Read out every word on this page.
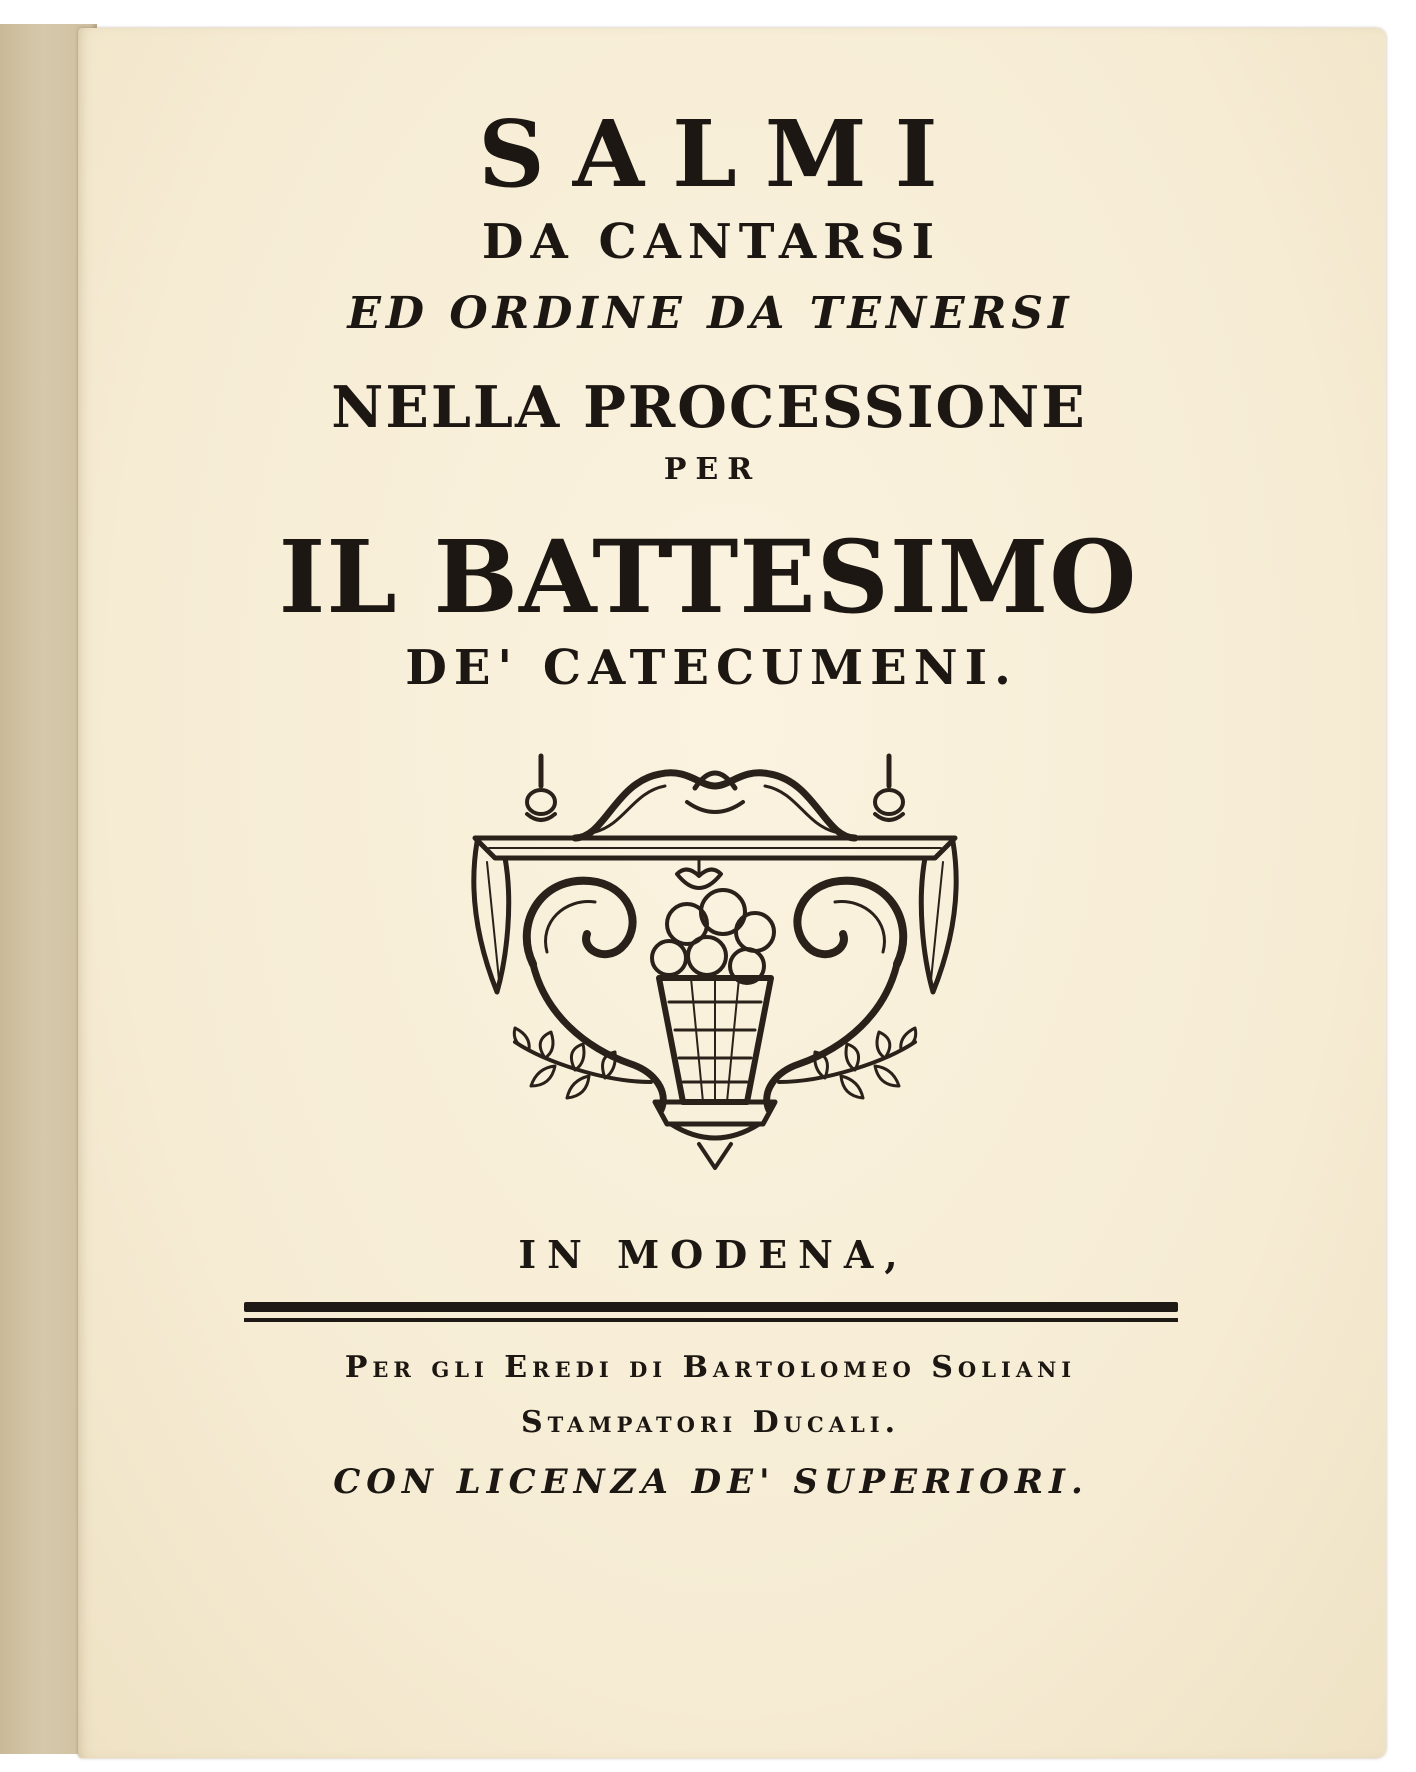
SALMI
DA CANTARSI
ED ORDINE DA TENERSI
NELLA PROCESSIONE
PER
IL BATTESIMO
DE' CATECUMENI.
IN MODENA,
Per gli Eredi di Bartolomeo Soliani
Stampatori Ducali.
CON LICENZA DE' SUPERIORI.
